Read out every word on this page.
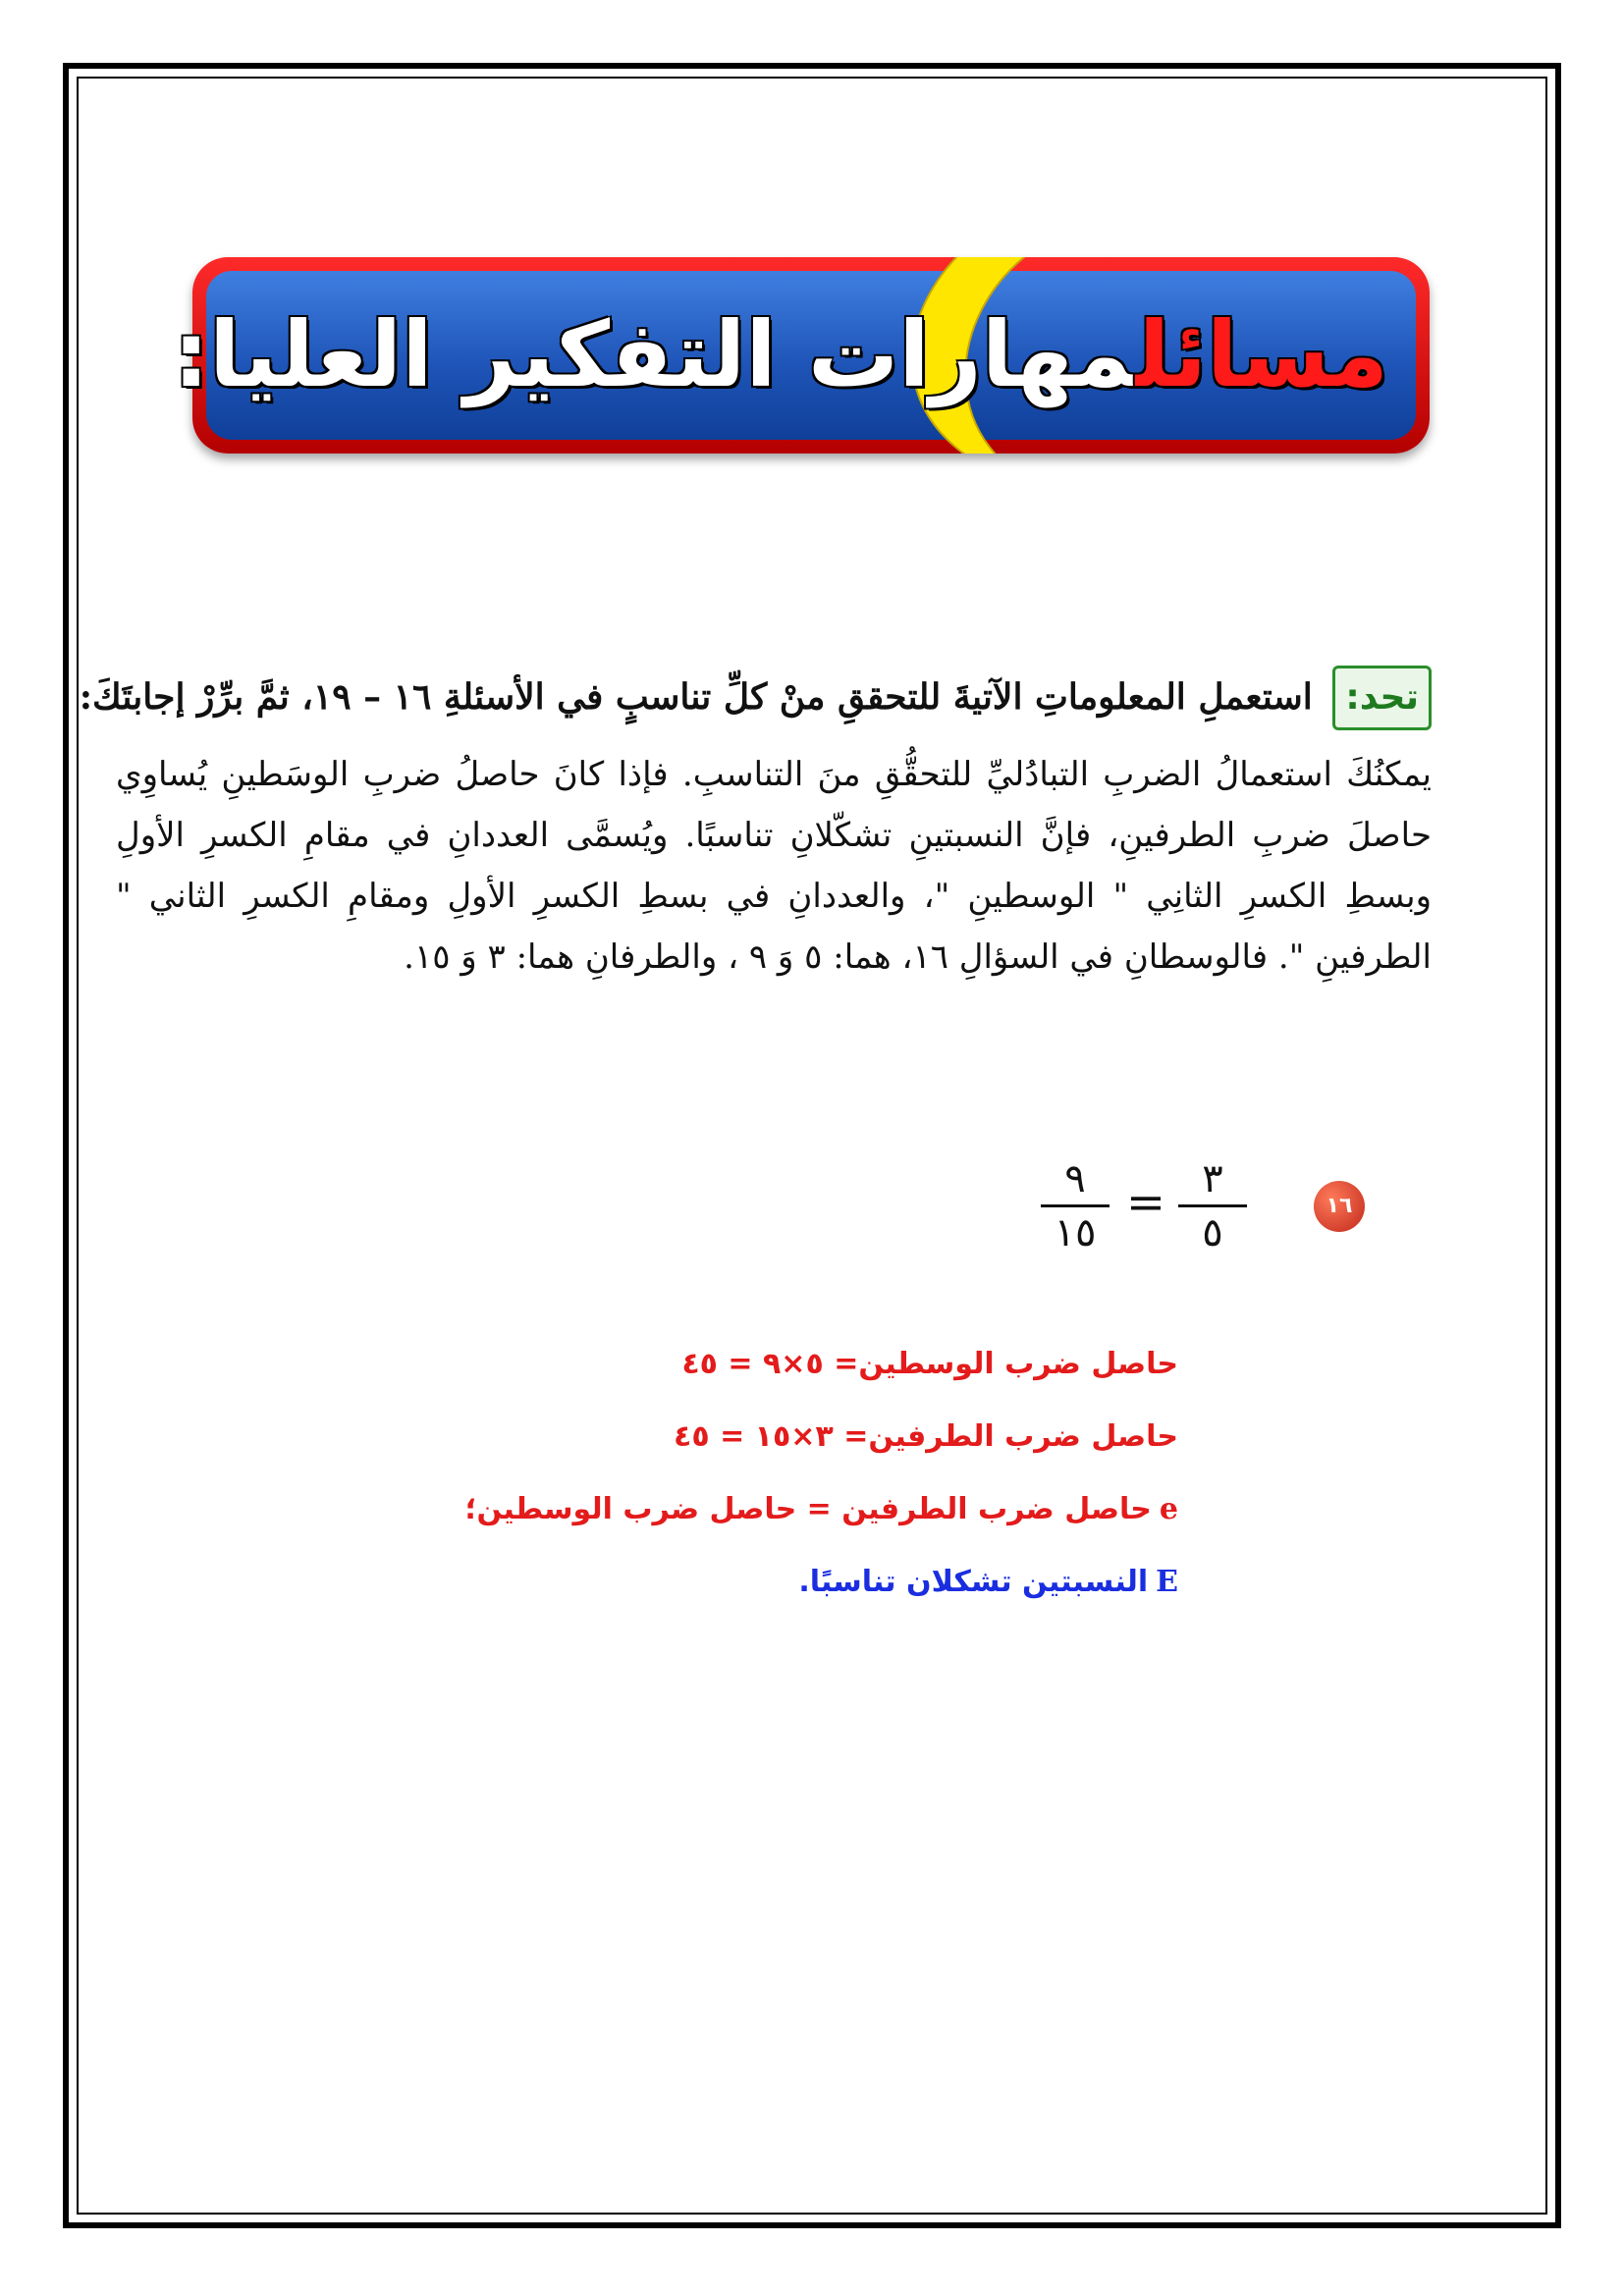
مسائلمهارات التفكير العليا:
تحد: استعملِ المعلوماتِ الآتيةَ للتحققِ منْ كلِّ تناسبٍ في الأسئلةِ ١٦ – ١٩، ثمَّ برِّرْ إجابتَكَ:
يمكنُكَ استعمالُ الضربِ التبادُليِّ للتحقُّقِ منَ التناسبِ. فإذا كانَ حاصلُ ضربِ الوسَطينِ يُساوِي حاصلَ ضربِ الطرفينِ، فإنَّ النسبتينِ تشكّلانِ تناسبًا. ويُسمَّى العددانِ في مقامِ الكسرِ الأولِ وبسطِ الكسرِ الثانِي " الوسطينِ "، والعددانِ في بسطِ الكسرِ الأولِ ومقامِ الكسرِ الثاني " الطرفينِ ". فالوسطانِ في السؤالِ ١٦، هما: ٥ وَ ٩ ، والطرفانِ هما: ٣ وَ ١٥.
٩
١٥
= ٣
٥
١٦
حاصل ضرب الوسطين= ٥×٩ = ٤٥
حاصل ضرب الطرفين= ٣×١٥ = ٤٥
eحاصل ضرب الطرفين = حاصل ضرب الوسطين؛
Eالنسبتين تشكلان تناسبًا.
